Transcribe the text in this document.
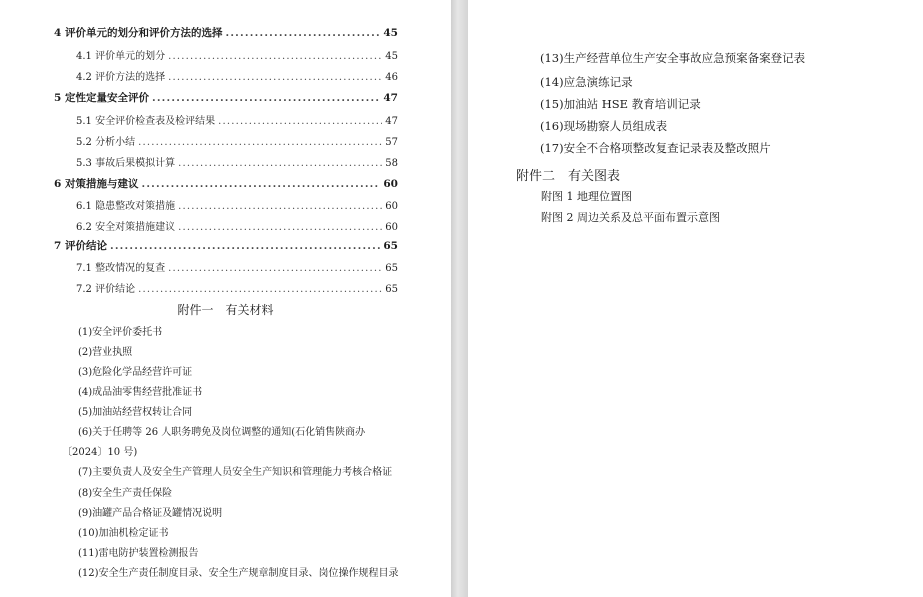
4 评价单元的划分和评价方法的选择 .....	45
4.1 评价单元的划分 .....	45
4.2 评价方法的选择 .....	46
5 定性定量安全评价 .....	47
5.1 安全评价检查表及检评结果 .....	47
5.2 分析小结 .....	57
5.3 事故后果模拟计算 .....	58
6 对策措施与建议 .....	60
6.1 隐患整改对策措施 .....	60
6.2 安全对策措施建议 .....	60
7 评价结论 .....	65
7.1 整改情况的复查 .....	65
7.2 评价结论 .....	65
附件一　有关材料
(1)安全评价委托书
(2)营业执照
(3)危险化学品经营许可证
(4)成品油零售经营批准证书
(5)加油站经营权转让合同
(6)关于任聘等 26 人职务聘免及岗位调整的通知(石化销售陕商办
〔2024〕10 号)
(7)主要负责人及安全生产管理人员安全生产知识和管理能力考核合格证
(8)安全生产责任保险
(9)油罐产品合格证及罐情况说明
(10)加油机检定证书
(11)雷电防护装置检测报告
(12)安全生产责任制度目录、安全生产规章制度目录、岗位操作规程目录
(13)生产经营单位生产安全事故应急预案备案登记表
(14)应急演练记录
(15)加油站 HSE 教育培训记录
(16)现场勘察人员组成表
(17)安全不合格项整改复查记录表及整改照片
附件二　有关图表
附图 1 地理位置图
附图 2 周边关系及总平面布置示意图
